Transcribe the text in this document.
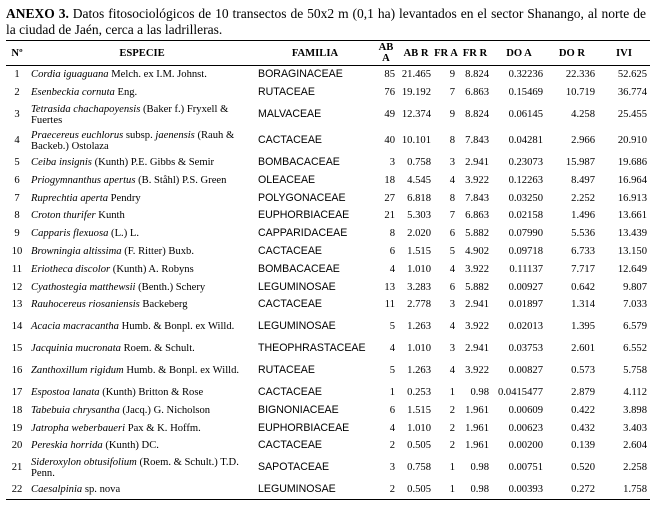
ANEXO 3. Datos fitosociológicos de 10 transectos de 50x2 m (0,1 ha) levantados en el sector Shanango, al norte de la ciudad de Jaén, cerca a las ladrilleras.
Nº	ESPECIE	FAMILIA	AB A	AB R	FR A	FR R	DO A	DO R	IVI
1	Cordia iguaguana Melch. ex I.M. Johnst.	BORAGINACEAE	85	21.465	9	8.824	0.32236	22.336	52.625
2	Esenbeckia cornuta Eng.	RUTACEAE	76	19.192	7	6.863	0.15469	10.719	36.774
3	Tetrasida chachapoyensis (Baker f.) Fryxell & Fuertes	MALVACEAE	49	12.374	9	8.824	0.06145	4.258	25.455
4	Praecereus euchlorus subsp. jaenensis (Rauh & Backeb.) Ostolaza	CACTACEAE	40	10.101	8	7.843	0.04281	2.966	20.910
5	Ceiba insignis (Kunth) P.E. Gibbs & Semir	BOMBACACEAE	3	0.758	3	2.941	0.23073	15.987	19.686
6	Priogymnanthus apertus (B. Ståhl) P.S. Green	OLEACEAE	18	4.545	4	3.922	0.12263	8.497	16.964
7	Ruprechtia aperta Pendry	POLYGONACEAE	27	6.818	8	7.843	0.03250	2.252	16.913
8	Croton thurifer Kunth	EUPHORBIACEAE	21	5.303	7	6.863	0.02158	1.496	13.661
9	Capparis flexuosa (L.) L.	CAPPARIDACEAE	8	2.020	6	5.882	0.07990	5.536	13.439
10	Browningia altissima (F. Ritter) Buxb.	CACTACEAE	6	1.515	5	4.902	0.09718	6.733	13.150
11	Eriotheca discolor (Kunth) A. Robyns	BOMBACACEAE	4	1.010	4	3.922	0.11137	7.717	12.649
12	Cyathostegia matthewsii (Benth.) Schery	LEGUMINOSAE	13	3.283	6	5.882	0.00927	0.642	9.807
13	Rauhocereus riosaniensis Backeberg	CACTACEAE	11	2.778	3	2.941	0.01897	1.314	7.033
14	Acacia macracantha Humb. & Bonpl. ex Willd.	LEGUMINOSAE	5	1.263	4	3.922	0.02013	1.395	6.579
15	Jacquinia mucronata Roem. & Schult.	THEOPHRASTACEAE	4	1.010	3	2.941	0.03753	2.601	6.552
16	Zanthoxillum rigidum Humb. & Bonpl. ex Willd.	RUTACEAE	5	1.263	4	3.922	0.00827	0.573	5.758
17	Espostoa lanata (Kunth) Britton & Rose	CACTACEAE	1	0.253	1	0.98	0.0415477	2.879	4.112
18	Tabebuia chrysantha (Jacq.) G. Nicholson	BIGNONIACEAE	6	1.515	2	1.961	0.00609	0.422	3.898
19	Jatropha weberbaueri Pax & K. Hoffm.	EUPHORBIACEAE	4	1.010	2	1.961	0.00623	0.432	3.403
20	Pereskia horrida (Kunth) DC.	CACTACEAE	2	0.505	2	1.961	0.00200	0.139	2.604
21	Sideroxylon obtusifolium (Roem. & Schult.) T.D. Penn.	SAPOTACEAE	3	0.758	1	0.98	0.00751	0.520	2.258
22	Caesalpinia sp. nova	LEGUMINOSAE	2	0.505	1	0.98	0.00393	0.272	1.758
